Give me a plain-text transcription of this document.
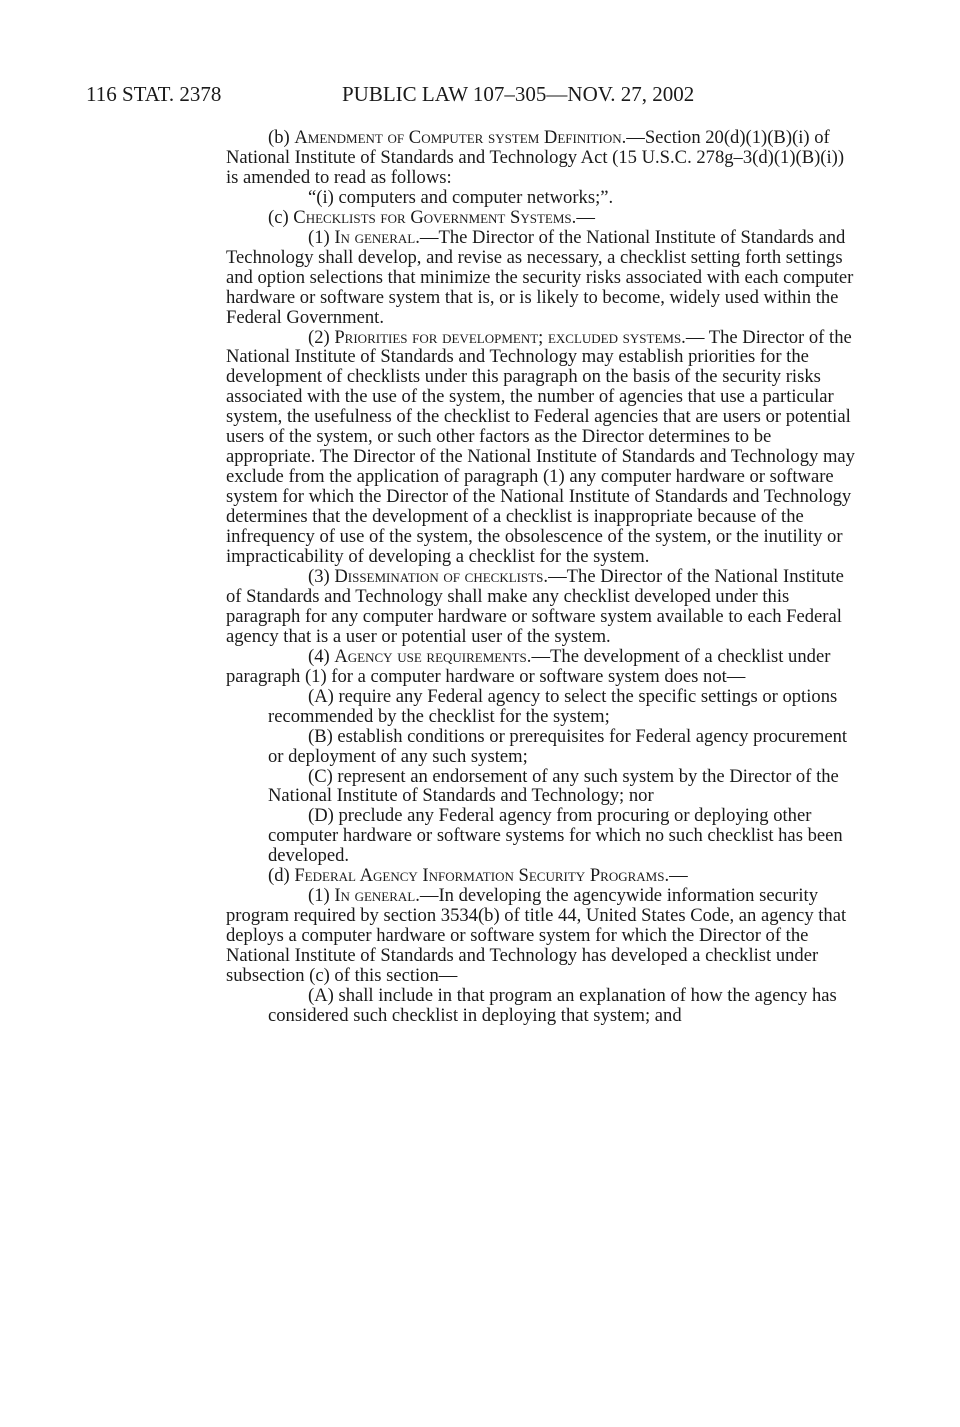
116 STAT. 2378	PUBLIC LAW 107–305—NOV. 27, 2002

(b) Amendment of Computer system Definition.—Section 20(d)(1)(B)(i) of National Institute of Standards and Technology Act (15 U.S.C. 278g–3(d)(1)(B)(i)) is amended to read as follows:

“(i) computers and computer networks;”.

(c) Checklists for Government Systems.—

(1) In general.—The Director of the National Institute of Standards and Technology shall develop, and revise as necessary, a checklist setting forth settings and option selections that minimize the security risks associated with each computer hardware or software system that is, or is likely to become, widely used within the Federal Government.

(2) Priorities for development; excluded systems.— The Director of the National Institute of Standards and Technology may establish priorities for the development of checklists under this paragraph on the basis of the security risks associated with the use of the system, the number of agencies that use a particular system, the usefulness of the checklist to Federal agencies that are users or potential users of the system, or such other factors as the Director determines to be appropriate. The Director of the National Institute of Standards and Technology may exclude from the application of paragraph (1) any computer hardware or software system for which the Director of the National Institute of Standards and Technology determines that the development of a checklist is inappropriate because of the infrequency of use of the system, the obsolescence of the system, or the inutility or impracticability of developing a checklist for the system.

(3) Dissemination of checklists.—The Director of the National Institute of Standards and Technology shall make any checklist developed under this paragraph for any computer hardware or software system available to each Federal agency that is a user or potential user of the system.

(4) Agency use requirements.—The development of a checklist under paragraph (1) for a computer hardware or software system does not—

(A) require any Federal agency to select the specific settings or options recommended by the checklist for the system;

(B) establish conditions or prerequisites for Federal agency procurement or deployment of any such system;

(C) represent an endorsement of any such system by the Director of the National Institute of Standards and Technology; nor

(D) preclude any Federal agency from procuring or deploying other computer hardware or software systems for which no such checklist has been developed.

(d) Federal Agency Information Security Programs.—

(1) In general.—In developing the agencywide information security program required by section 3534(b) of title 44, United States Code, an agency that deploys a computer hardware or software system for which the Director of the National Institute of Standards and Technology has developed a checklist under subsection (c) of this section—

(A) shall include in that program an explanation of how the agency has considered such checklist in deploying that system; and
